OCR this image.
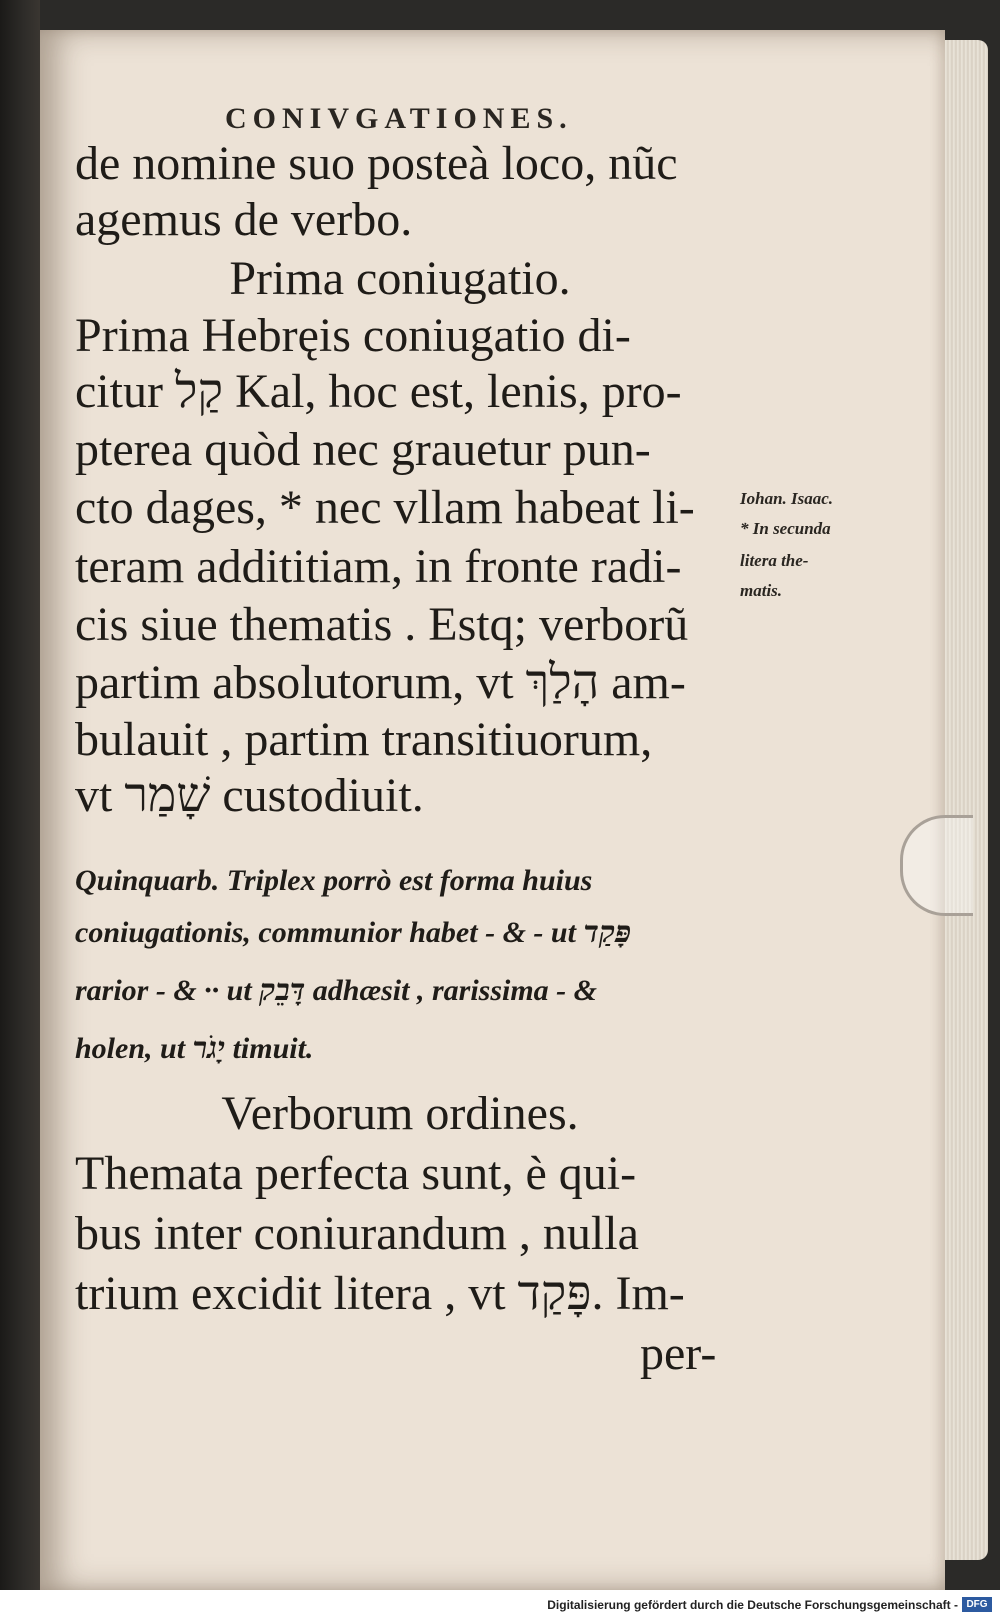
CONIVGATIONES.
de nomine suo posteà loco, nũc
agemus de verbo.
Prima coniugatio.
Prima Hebręis coniugatio di-
citur קַל Kal, hoc est, lenis, pro-
pterea quòd nec grauetur pun-
cto dages, * nec vllam habeat li-
teram addititiam, in fronte radi-
cis siue thematis . Estq; verborũ
partim absolutorum, vt הָלַךְ am-
bulauit , partim transitiuorum,
vt שָׁמַר custodiuit.
Quinquarb. Triplex porrò est forma huius
coniugationis, communior habet - & - ut פָּקַד
rarior - & ·· ut דָּבֵק adhæsit , rarissima - &
holen, ut יָגֹר timuit.
Verborum ordines.
Themata perfecta sunt, è qui-
bus inter coniurandum , nulla
trium excidit litera , vt פָּקַד. Im-
per-
Iohan. Isaac.
* In secunda
litera the-
matis.
Digitalisierung gefördert durch die Deutsche Forschungsgemeinschaft - DFG
